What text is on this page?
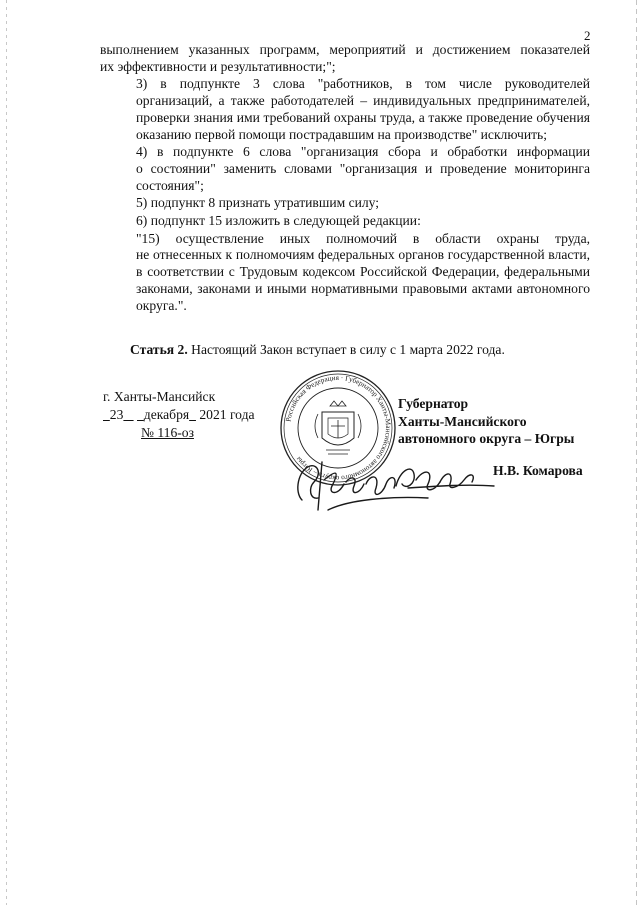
2

выполнением указанных программ, мероприятий и достижением показателей
их эффективности и результативности;";

3) в подпункте 3 слова "работников, в том числе руководителей
организаций, а также работодателей – индивидуальных предпринимателей,
проверки знания ими требований охраны труда, а также проведение обучения
оказанию первой помощи пострадавшим на производстве" исключить;

4) в подпункте 6 слова "организация сбора и обработки информации
о состоянии" заменить словами "организация и проведение мониторинга
состояния";

5) подпункт 8 признать утратившим силу;

6) подпункт 15 изложить в следующей редакции:

"15) осуществление иных полномочий в области охраны труда,
не отнесенных к полномочиям федеральных органов государственной власти,
в соответствии с Трудовым кодексом Российской Федерации, федеральными
законами, законами и иными нормативными правовыми актами автономного
округа.".

Статья 2. Настоящий Закон вступает в силу с 1 марта 2022 года.
г. Ханты-Мансийск
23 декабря 2021 года
№ 116-оз
Российская Федерация · Губернатор Ханты-Мансийского автономного округа – Югры
Губернатор
Ханты-Мансийского
автономного округа – Югры
Н.В. Комарова
